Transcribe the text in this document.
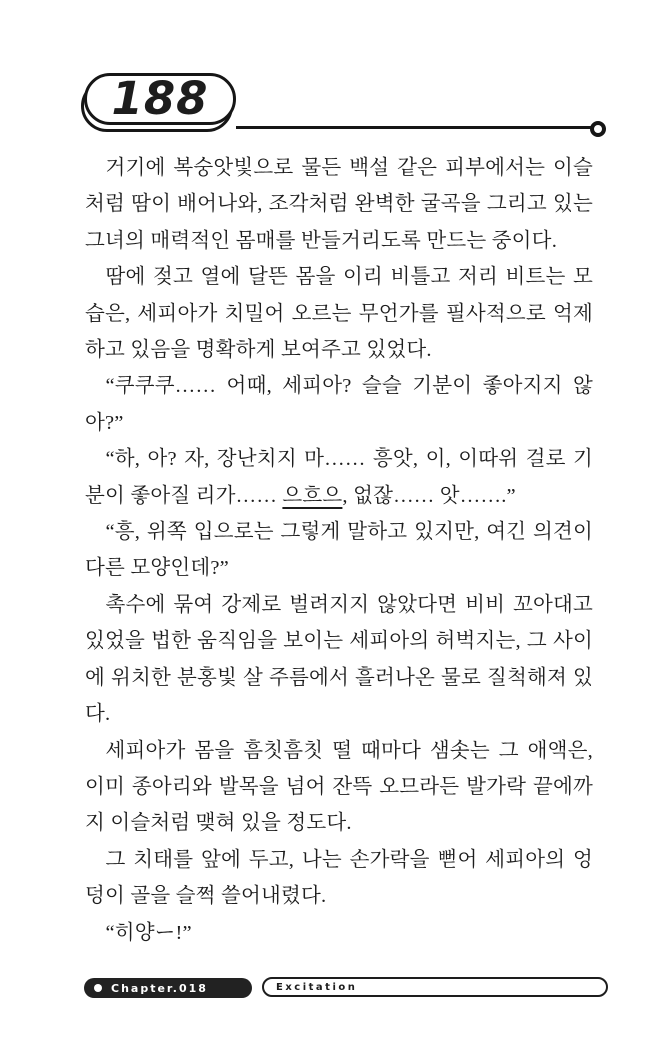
188

거기에 복숭앗빛으로 물든 백설 같은 피부에서는 이슬처럼 땀이 배어나와, 조각처럼 완벽한 굴곡을 그리고 있는 그녀의 매력적인 몸매를 반들거리도록 만드는 중이다.

땀에 젖고 열에 달뜬 몸을 이리 비틀고 저리 비트는 모습은, 세피아가 치밀어 오르는 무언가를 필사적으로 억제하고 있음을 명확하게 보여주고 있었다.

“쿠쿠쿠…… 어때, 세피아? 슬슬 기분이 좋아지지 않아?”

“하, 아? 자, 장난치지 마…… 흥앗, 이, 이따위 걸로 기분이 좋아질 리가…… 으흐으, 없잖…… 앗…….”

“흥, 위쪽 입으로는 그렇게 말하고 있지만, 여긴 의견이 다른 모양인데?”

촉수에 묶여 강제로 벌려지지 않았다면 비비 꼬아대고 있었을 법한 움직임을 보이는 세피아의 허벅지는, 그 사이에 위치한 분홍빛 살 주름에서 흘러나온 물로 질척해져 있다.

세피아가 몸을 흠칫흠칫 떨 때마다 샘솟는 그 애액은, 이미 종아리와 발목을 넘어 잔뜩 오므라든 발가락 끝에까지 이슬처럼 맺혀 있을 정도다.

그 치태를 앞에 두고, 나는 손가락을 뻗어 세피아의 엉덩이 골을 슬쩍 쓸어내렸다.

“히양ー!”

Chapter.018	Excitation
